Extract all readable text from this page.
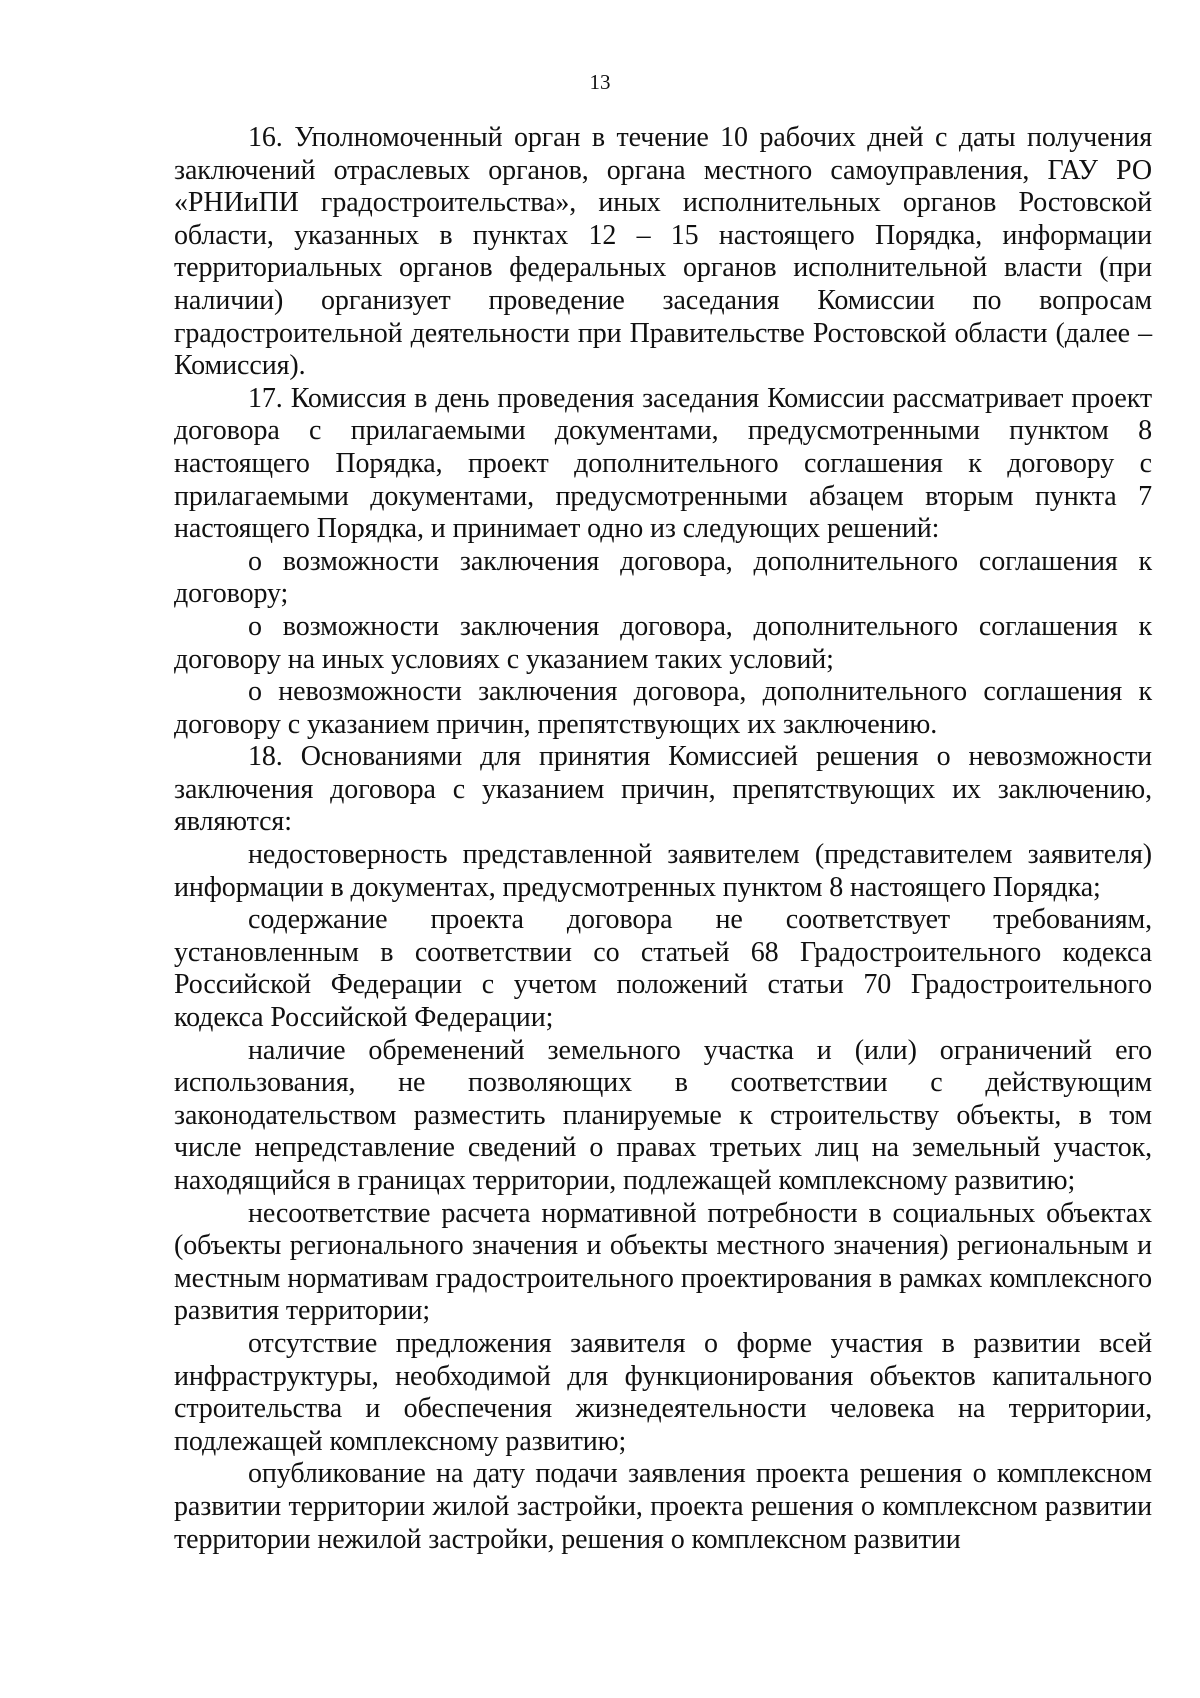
13

16. Уполномоченный орган в течение 10 рабочих дней с даты получения заключений отраслевых органов, органа местного самоуправления, ГАУ РО «РНИиПИ градостроительства», иных исполнительных органов Ростовской области, указанных в пунктах 12 – 15 настоящего Порядка, информации территориальных органов федеральных органов исполнительной власти (при наличии) организует проведение заседания Комиссии по вопросам градостроительной деятельности при Правительстве Ростовской области (далее – Комиссия).

17. Комиссия в день проведения заседания Комиссии рассматривает проект договора с прилагаемыми документами, предусмотренными пунктом 8 настоящего Порядка, проект дополнительного соглашения к договору с прилагаемыми документами, предусмотренными абзацем вторым пункта 7 настоящего Порядка, и принимает одно из следующих решений:

о возможности заключения договора, дополнительного соглашения к договору;

о возможности заключения договора, дополнительного соглашения к договору на иных условиях с указанием таких условий;

о невозможности заключения договора, дополнительного соглашения к договору с указанием причин, препятствующих их заключению.

18. Основаниями для принятия Комиссией решения о невозможности заключения договора с указанием причин, препятствующих их заключению, являются:

недостоверность представленной заявителем (представителем заявителя) информации в документах, предусмотренных пунктом 8 настоящего Порядка;

содержание проекта договора не соответствует требованиям, установленным в соответствии со статьей 68 Градостроительного кодекса Российской Федерации с учетом положений статьи 70 Градостроительного кодекса Российской Федерации;

наличие обременений земельного участка и (или) ограничений его использования, не позволяющих в соответствии с действующим законодательством разместить планируемые к строительству объекты, в том числе непредставление сведений о правах третьих лиц на земельный участок, находящийся в границах территории, подлежащей комплексному развитию;

несоответствие расчета нормативной потребности в социальных объектах (объекты регионального значения и объекты местного значения) региональным и местным нормативам градостроительного проектирования в рамках комплексного развития территории;

отсутствие предложения заявителя о форме участия в развитии всей инфраструктуры, необходимой для функционирования объектов капитального строительства и обеспечения жизнедеятельности человека на территории, подлежащей комплексному развитию;

опубликование на дату подачи заявления проекта решения о комплексном развитии территории жилой застройки, проекта решения о комплексном развитии территории нежилой застройки, решения о комплексном развитии
